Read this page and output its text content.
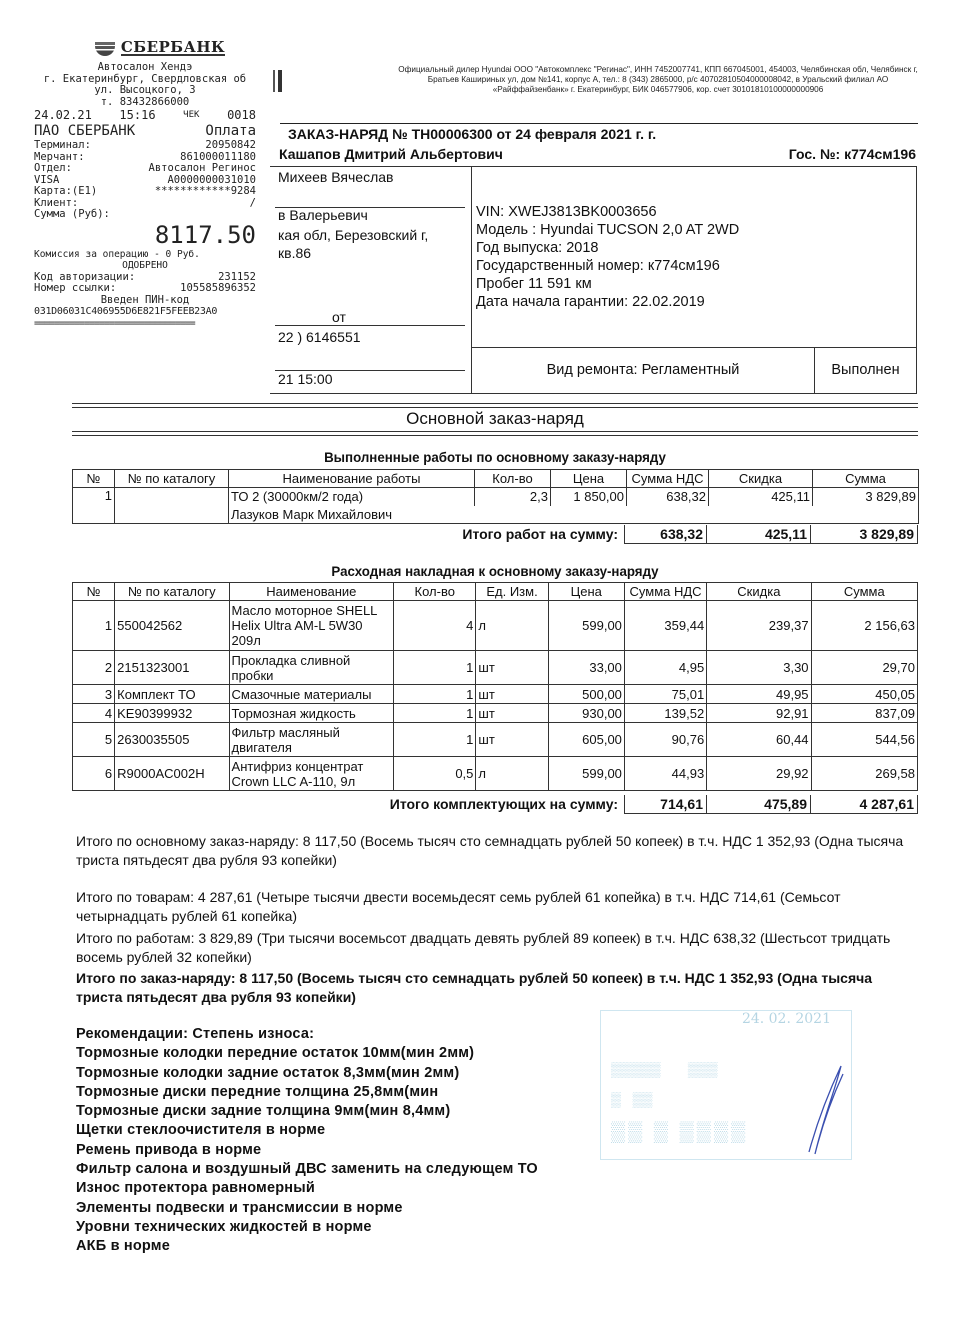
СБЕРБАНК
Автосалон Хендэ
г. Екатеринбург, Свердловская об
ул. Высоцкого, 3
т. 83432866000
24.02.21 15:16	ЧЕК 0018
ПАО СБЕРБАНК	Оплата
Терминал:	20950842
Мерчант:	861000011180
Отдел:	Автосалон Регинос
VISA	A0000000031010
Карта:(E1)	************9284
Клиент:	/
Сумма (Руб):
8117.50
Комиссия за операцию - 0 Руб.
ОДОБРЕНО
Код авторизации:	231152
Номер ссылки:	105585896352
Введен ПИН-код
031D06031C406955D6E821F5FEEB23A0
================================
Официальный дилер Hyundai ООО "Автокомплекс "Регинас", ИНН 7452007741, КПП 667045001, 454003, Челябинская обл, Челябинск г, Братьев Кашириных ул, дом №141, корпус А, тел.: 8 (343) 2865000, р/с 40702810504000008042, в Уральский филиал АО «Райффайзенбанк» г. Екатеринбург, БИК 046577906, кор. счет 30101810100000000906
ЗАКАЗ-НАРЯД № ТН00006300 от 24 февраля 2021 г. г.
Кашапов Дмитрий Альбертович	Гос. №: к774см196
Михеев Вячеслав
в Валерьевич
кая обл, Березовский г,
кв.86
от
22 ) 6146551
21 15:00
VIN: XWEJ3813BK0003656
Модель : Hyundai TUCSON 2,0 AT 2WD
Год выпуска: 2018
Государственный номер: к774см196
Пробег 11 591 км
Дата начала гарантии: 22.02.2019
Вид ремонта: Регламентный	Выполнен
Основной заказ-наряд
Выполненные работы по основному заказу-наряду
№	№ по каталогу	Наименование работы	Кол-во	Цена	Сумма НДС	Скидка	Сумма
1		ТО 2 (30000км/2 года)	2,3	1 850,00	638,32	425,11	3 829,89
		Лазуков Марк Михайлович					
Итого работ на сумму:	638,32	425,11	3 829,89
Расходная накладная к основному заказу-наряду
№	№ по каталогу	Наименование	Кол-во	Ед. Изм.	Цена	Сумма НДС	Скидка	Сумма
1	550042562	Масло моторное SHELL Helix Ultra AM-L 5W30 209л	4	л	599,00	359,44	239,37	2 156,63
2	2151323001	Прокладка сливной пробки	1	шт	33,00	4,95	3,30	29,70
3	Комплект ТО	Смазочные материалы	1	шт	500,00	75,01	49,95	450,05
4	KE90399932	Тормозная жидкость	1	шт	930,00	139,52	92,91	837,09
5	2630035505	Фильтр масляный двигателя	1	шт	605,00	90,76	60,44	544,56
6	R9000AC002H	Антифриз концентрат Crown LLC A-110, 9л	0,5	л	599,00	44,93	29,92	269,58
Итого комплектующих на сумму:	714,61	475,89	4 287,61
Итого по основному заказ-наряду: 8 117,50 (Восемь тысяч сто семнадцать рублей 50 копеек) в т.ч. НДС 1 352,93 (Одна тысяча триста пятьдесят два рубля 93 копейки)
Итого по товарам: 4 287,61 (Четыре тысячи двести восемьдесят семь рублей 61 копейка) в т.ч. НДС 714,61 (Семьсот четырнадцать рублей 61 копейка)
Итого по работам: 3 829,89 (Три тысячи восемьсот двадцать девять рублей 89 копеек) в т.ч. НДС 638,32 (Шестьсот тридцать восемь рублей 32 копейки)
Итого по заказ-наряду: 8 117,50 (Восемь тысяч сто семнадцать рублей 50 копеек) в т.ч. НДС 1 352,93 (Одна тысяча триста пятьдесят два рубля 93 копейки)
Рекомендации: Степень износа:
Тормозные колодки передние остаток 10мм(мин 2мм)
Тормозные колодки задние остаток 8,3мм(мин 2мм)
Тормозные диски передние толщина 25,8мм(мин
Тормозные диски задние толщина 9мм(мин 8,4мм)
Щетки стеклоочистителя в норме
Ремень привода в норме
Фильтр салона и воздушный ДВС заменить на следующем ТО
Износ протектора равномерный
Элементы подвески и трансмиссии в норме
Уровни технических жидкостей в норме
АКБ в норме
24. 02. 2021
▒▒▒▒▒       ▒▒▒
▒   ▒▒
▒▒ ▒ ▒▒▒▒
